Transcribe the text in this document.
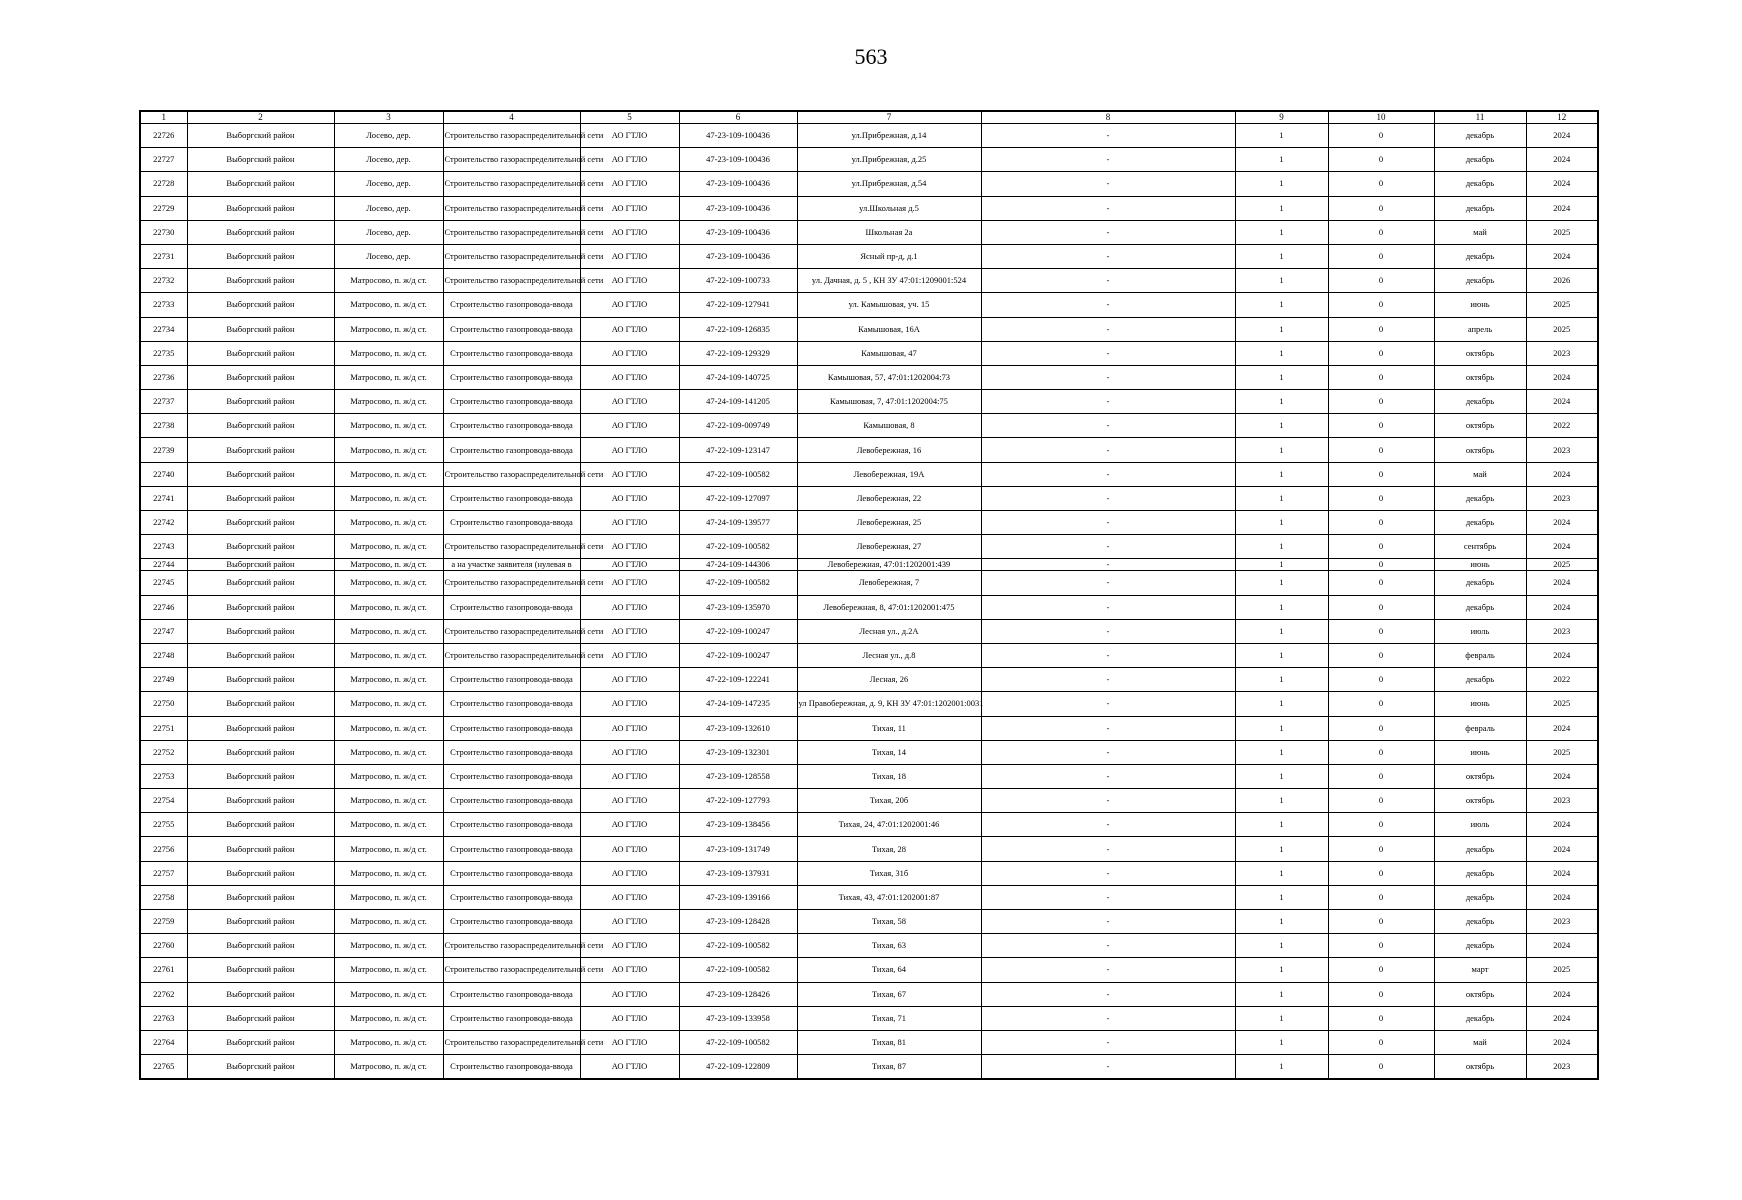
563
1	2	3	4	5	6	7	8	9	10	11	12
22726	Выборгский район	Лосево, дер.	Строительство газораспределительной сети	АО ГТЛО	47-23-109-100436	ул.Прибрежная, д.14	-	1	0	декабрь	2024
22727	Выборгский район	Лосево, дер.	Строительство газораспределительной сети	АО ГТЛО	47-23-109-100436	ул.Прибрежная, д.25	-	1	0	декабрь	2024
22728	Выборгский район	Лосево, дер.	Строительство газораспределительной сети	АО ГТЛО	47-23-109-100436	ул.Прибрежная, д.54	-	1	0	декабрь	2024
22729	Выборгский район	Лосево, дер.	Строительство газораспределительной сети	АО ГТЛО	47-23-109-100436	ул.Школьная д.5	-	1	0	декабрь	2024
22730	Выборгский район	Лосево, дер.	Строительство газораспределительной сети	АО ГТЛО	47-23-109-100436	Школьная 2а	-	1	0	май	2025
22731	Выборгский район	Лосево, дер.	Строительство газораспределительной сети	АО ГТЛО	47-23-109-100436	Ясный пр-д, д.1	-	1	0	декабрь	2024
22732	Выборгский район	Матросово, п. ж/д ст.	Строительство газораспределительной сети	АО ГТЛО	47-22-109-100733	ул. Дачная, д. 5 , КН ЗУ 47:01:1209001:524	-	1	0	декабрь	2026
22733	Выборгский район	Матросово, п. ж/д ст.	Строительство газопровода-ввода	АО ГТЛО	47-22-109-127941	ул. Камышовая, уч. 15	-	1	0	июнь	2025
22734	Выборгский район	Матросово, п. ж/д ст.	Строительство газопровода-ввода	АО ГТЛО	47-22-109-126835	Камышовая, 16А	-	1	0	апрель	2025
22735	Выборгский район	Матросово, п. ж/д ст.	Строительство газопровода-ввода	АО ГТЛО	47-22-109-129329	Камышовая, 47	-	1	0	октябрь	2023
22736	Выборгский район	Матросово, п. ж/д ст.	Строительство газопровода-ввода	АО ГТЛО	47-24-109-140725	Камышовая, 57, 47:01:1202004:73	-	1	0	октябрь	2024
22737	Выборгский район	Матросово, п. ж/д ст.	Строительство газопровода-ввода	АО ГТЛО	47-24-109-141205	Камышовая, 7, 47:01:1202004:75	-	1	0	декабрь	2024
22738	Выборгский район	Матросово, п. ж/д ст.	Строительство газопровода-ввода	АО ГТЛО	47-22-109-009749	Камышовая, 8	-	1	0	октябрь	2022
22739	Выборгский район	Матросово, п. ж/д ст.	Строительство газопровода-ввода	АО ГТЛО	47-22-109-123147	Левобережная, 16	-	1	0	октябрь	2023
22740	Выборгский район	Матросово, п. ж/д ст.	Строительство газораспределительной сети	АО ГТЛО	47-22-109-100582	Левобережная, 19А	-	1	0	май	2024
22741	Выборгский район	Матросово, п. ж/д ст.	Строительство газопровода-ввода	АО ГТЛО	47-22-109-127097	Левобережная, 22	-	1	0	декабрь	2023
22742	Выборгский район	Матросово, п. ж/д ст.	Строительство газопровода-ввода	АО ГТЛО	47-24-109-139577	Левобережная, 25	-	1	0	декабрь	2024
22743	Выборгский район	Матросово, п. ж/д ст.	Строительство газораспределительной сети	АО ГТЛО	47-22-109-100582	Левобережная, 27	-	1	0	сентябрь	2024
22744	Выборгский район	Матросово, п. ж/д ст.	а на участке заявителя (нулевая в	АО ГТЛО	47-24-109-144306	Левобережная, 47:01:1202001:439	-	1	0	июнь	2025
22745	Выборгский район	Матросово, п. ж/д ст.	Строительство газораспределительной сети	АО ГТЛО	47-22-109-100582	Левобережная, 7	-	1	0	декабрь	2024
22746	Выборгский район	Матросово, п. ж/д ст.	Строительство газопровода-ввода	АО ГТЛО	47-23-109-135970	Левобережная, 8, 47:01:1202001:475	-	1	0	декабрь	2024
22747	Выборгский район	Матросово, п. ж/д ст.	Строительство газораспределительной сети	АО ГТЛО	47-22-109-100247	Лесная ул., д.2А	-	1	0	июль	2023
22748	Выборгский район	Матросово, п. ж/д ст.	Строительство газораспределительной сети	АО ГТЛО	47-22-109-100247	Лесная ул., д.8	-	1	0	февраль	2024
22749	Выборгский район	Матросово, п. ж/д ст.	Строительство газопровода-ввода	АО ГТЛО	47-22-109-122241	Лесная, 26	-	1	0	декабрь	2022
22750	Выборгский район	Матросово, п. ж/д ст.	Строительство газопровода-ввода	АО ГТЛО	47-24-109-147235	ул Правобережная, д. 9, КН ЗУ 47:01:1202001:0031	-	1	0	июнь	2025
22751	Выборгский район	Матросово, п. ж/д ст.	Строительство газопровода-ввода	АО ГТЛО	47-23-109-132610	Тихая, 11	-	1	0	февраль	2024
22752	Выборгский район	Матросово, п. ж/д ст.	Строительство газопровода-ввода	АО ГТЛО	47-23-109-132301	Тихая, 14	-	1	0	июнь	2025
22753	Выборгский район	Матросово, п. ж/д ст.	Строительство газопровода-ввода	АО ГТЛО	47-23-109-128558	Тихая, 18	-	1	0	октябрь	2024
22754	Выборгский район	Матросово, п. ж/д ст.	Строительство газопровода-ввода	АО ГТЛО	47-22-109-127793	Тихая, 20б	-	1	0	октябрь	2023
22755	Выборгский район	Матросово, п. ж/д ст.	Строительство газопровода-ввода	АО ГТЛО	47-23-109-138456	Тихая, 24, 47:01:1202001:46	-	1	0	июль	2024
22756	Выборгский район	Матросово, п. ж/д ст.	Строительство газопровода-ввода	АО ГТЛО	47-23-109-131749	Тихая, 28	-	1	0	декабрь	2024
22757	Выборгский район	Матросово, п. ж/д ст.	Строительство газопровода-ввода	АО ГТЛО	47-23-109-137931	Тихая, 31б	-	1	0	декабрь	2024
22758	Выборгский район	Матросово, п. ж/д ст.	Строительство газопровода-ввода	АО ГТЛО	47-23-109-139166	Тихая, 43, 47:01:1202001:87	-	1	0	декабрь	2024
22759	Выборгский район	Матросово, п. ж/д ст.	Строительство газопровода-ввода	АО ГТЛО	47-23-109-128428	Тихая, 58	-	1	0	декабрь	2023
22760	Выборгский район	Матросово, п. ж/д ст.	Строительство газораспределительной сети	АО ГТЛО	47-22-109-100582	Тихая, 63	-	1	0	декабрь	2024
22761	Выборгский район	Матросово, п. ж/д ст.	Строительство газораспределительной сети	АО ГТЛО	47-22-109-100582	Тихая, 64	-	1	0	март	2025
22762	Выборгский район	Матросово, п. ж/д ст.	Строительство газопровода-ввода	АО ГТЛО	47-23-109-128426	Тихая, 67	-	1	0	октябрь	2024
22763	Выборгский район	Матросово, п. ж/д ст.	Строительство газопровода-ввода	АО ГТЛО	47-23-109-133958	Тихая, 71	-	1	0	декабрь	2024
22764	Выборгский район	Матросово, п. ж/д ст.	Строительство газораспределительной сети	АО ГТЛО	47-22-109-100582	Тихая, 81	-	1	0	май	2024
22765	Выборгский район	Матросово, п. ж/д ст.	Строительство газопровода-ввода	АО ГТЛО	47-22-109-122809	Тихая, 87	-	1	0	октябрь	2023
